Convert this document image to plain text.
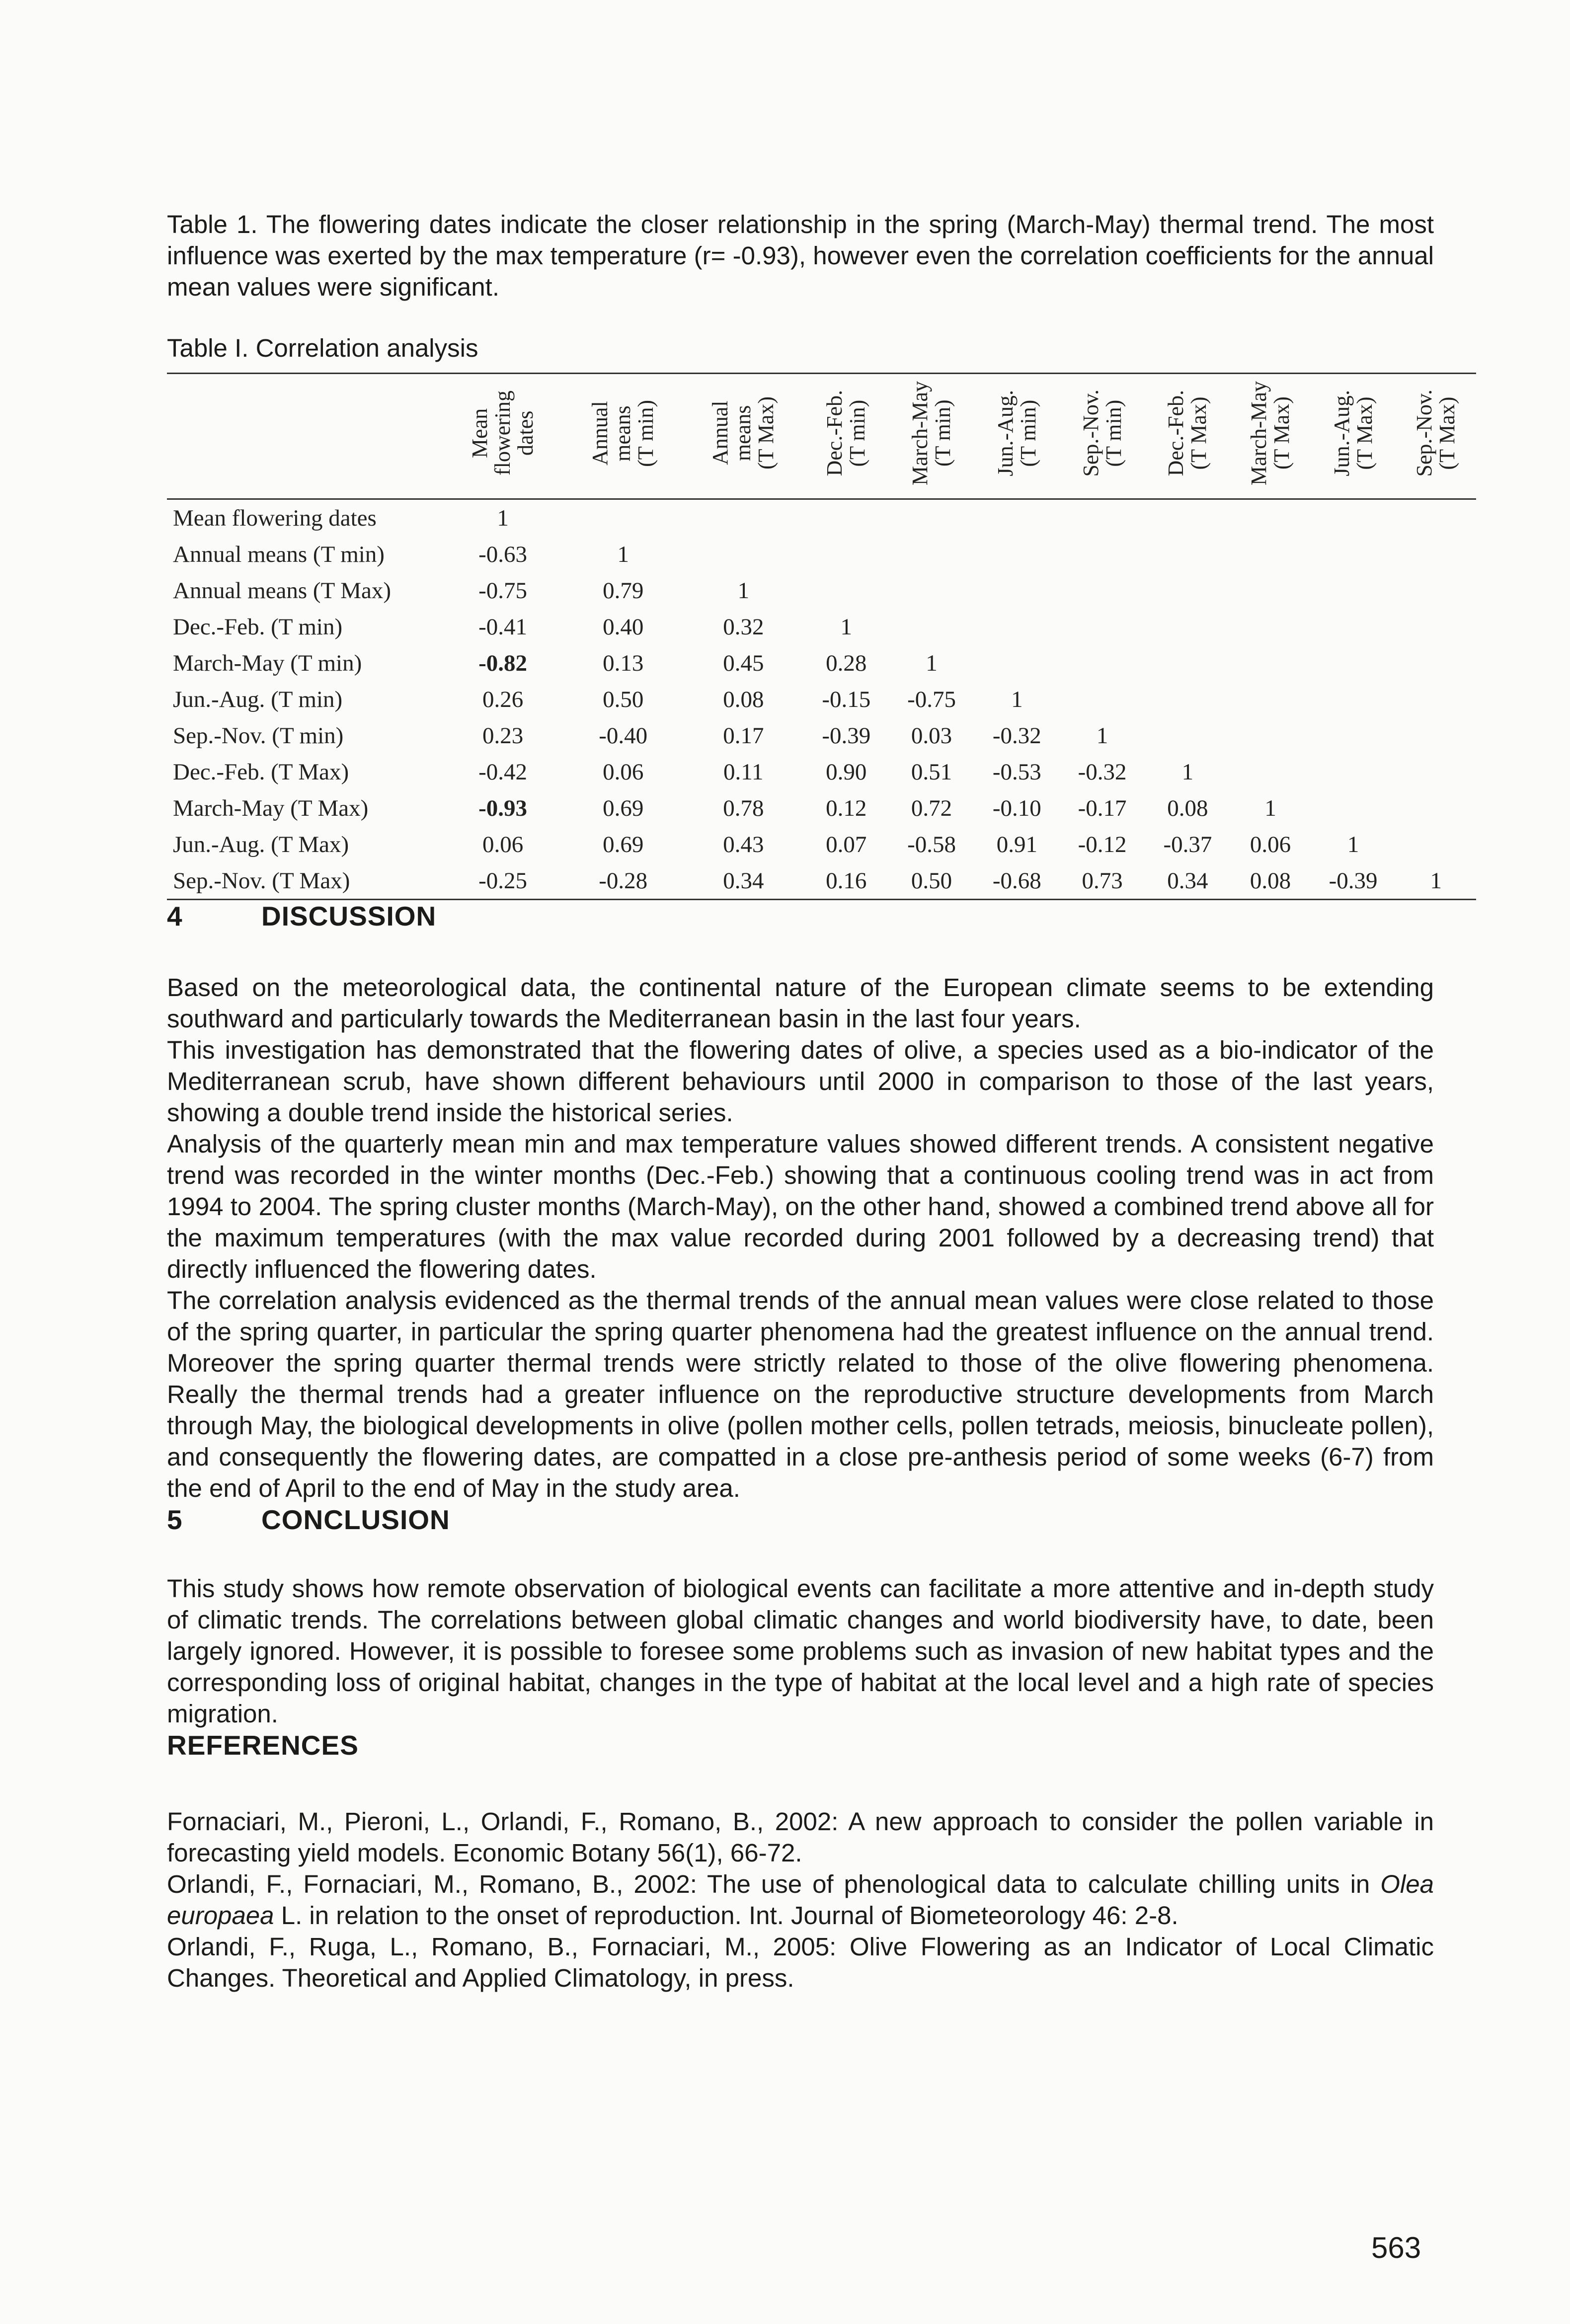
Table 1. The flowering dates indicate the closer relationship in the spring (March-May) thermal trend. The most influence was exerted by the max temperature (r= -0.93), however even the correlation coefficients for the annual mean values were significant.

Table I. Correlation analysis

	Mean
flowering
dates	Annual
means
(T min)	Annual
means
(T Max)	Dec.-Feb.
(T min)	March-May
(T min)	Jun.-Aug.
(T min)	Sep.-Nov.
(T min)	Dec.-Feb.
(T Max)	March-May
(T Max)	Jun.-Aug.
(T Max)	Sep.-Nov.
(T Max)
Mean flowering dates	1										
Annual means (T min)	-0.63	1									
Annual means (T Max)	-0.75	0.79	1								
Dec.-Feb. (T min)	-0.41	0.40	0.32	1							
March-May (T min)	-0.82	0.13	0.45	0.28	1						
Jun.-Aug. (T min)	0.26	0.50	0.08	-0.15	-0.75	1					
Sep.-Nov. (T min)	0.23	-0.40	0.17	-0.39	0.03	-0.32	1				
Dec.-Feb. (T Max)	-0.42	0.06	0.11	0.90	0.51	-0.53	-0.32	1			
March-May (T Max)	-0.93	0.69	0.78	0.12	0.72	-0.10	-0.17	0.08	1		
Jun.-Aug. (T Max)	0.06	0.69	0.43	0.07	-0.58	0.91	-0.12	-0.37	0.06	1	
Sep.-Nov. (T Max)	-0.25	-0.28	0.34	0.16	0.50	-0.68	0.73	0.34	0.08	-0.39	1
4	DISCUSSION

Based on the meteorological data, the continental nature of the European climate seems to be extending southward and particularly towards the Mediterranean basin in the last four years.

This investigation has demonstrated that the flowering dates of olive, a species used as a bio-indicator of the Mediterranean scrub, have shown different behaviours until 2000 in comparison to those of the last years, showing a double trend inside the historical series.

Analysis of the quarterly mean min and max temperature values showed different trends. A consistent negative trend was recorded in the winter months (Dec.-Feb.) showing that a continuous cooling trend was in act from 1994 to 2004. The spring cluster months (March-May), on the other hand, showed a combined trend above all for the maximum temperatures (with the max value recorded during 2001 followed by a decreasing trend) that directly influenced the flowering dates.

The correlation analysis evidenced as the thermal trends of the annual mean values were close related to those of the spring quarter, in particular the spring quarter phenomena had the greatest influence on the annual trend. Moreover the spring quarter thermal trends were strictly related to those of the olive flowering phenomena. Really the thermal trends had a greater influence on the reproductive structure developments from March through May, the biological developments in olive (pollen mother cells, pollen tetrads, meiosis, binucleate pollen), and consequently the flowering dates, are compatted in a close pre-anthesis period of some weeks (6-7) from the end of April to the end of May in the study area.

5	CONCLUSION

This study shows how remote observation of biological events can facilitate a more attentive and in-depth study of climatic trends. The correlations between global climatic changes and world biodiversity have, to date, been largely ignored. However, it is possible to foresee some problems such as invasion of new habitat types and the corresponding loss of original habitat, changes in the type of habitat at the local level and a high rate of species migration.

REFERENCES

Fornaciari, M., Pieroni, L., Orlandi, F., Romano, B., 2002: A new approach to consider the pollen variable in forecasting yield models. Economic Botany 56(1), 66-72.

Orlandi, F., Fornaciari, M., Romano, B., 2002: The use of phenological data to calculate chilling units in Olea europaea L. in relation to the onset of reproduction. Int. Journal of Biometeorology 46: 2-8.

Orlandi, F., Ruga, L., Romano, B., Fornaciari, M., 2005: Olive Flowering as an Indicator of Local Climatic Changes. Theoretical and Applied Climatology, in press.

563
